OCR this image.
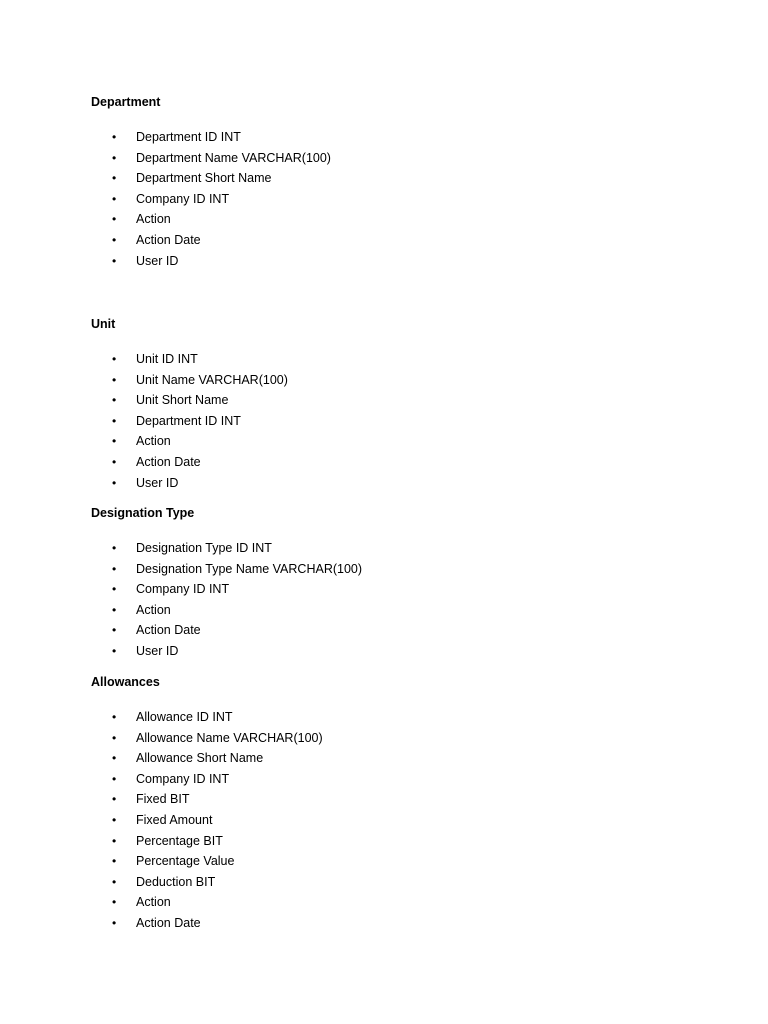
Department
•	Department ID INT
•	Department Name VARCHAR(100)
•	Department Short Name
•	Company ID INT
•	Action
•	Action Date
•	User ID
Unit
•	Unit ID INT
•	Unit Name VARCHAR(100)
•	Unit Short Name
•	Department ID INT
•	Action
•	Action Date
•	User ID
Designation Type
•	Designation Type ID INT
•	Designation Type Name VARCHAR(100)
•	Company ID INT
•	Action
•	Action Date
•	User ID
Allowances
•	Allowance ID INT
•	Allowance Name VARCHAR(100)
•	Allowance Short Name
•	Company ID INT
•	Fixed BIT
•	Fixed Amount
•	Percentage BIT
•	Percentage Value
•	Deduction BIT
•	Action
•	Action Date
